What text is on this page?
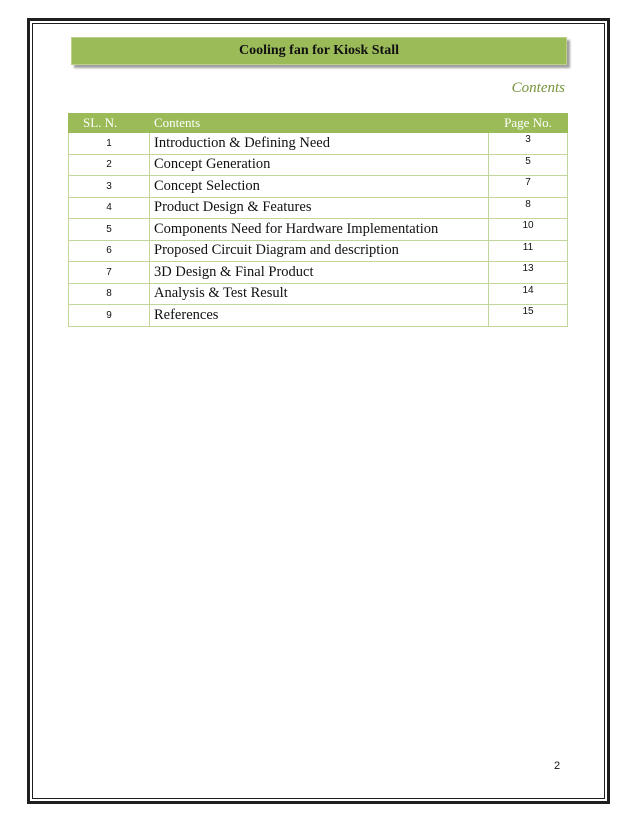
Cooling fan for Kiosk Stall
Contents
SL. N.	Contents	Page No.
1	Introduction & Defining Need	3
2	Concept Generation	5
3	Concept Selection	7
4	Product Design & Features	8
5	Components Need for Hardware Implementation	10
6	Proposed Circuit Diagram and description	11
7	3D Design & Final Product	13
8	Analysis & Test Result	14
9	References	15
2
